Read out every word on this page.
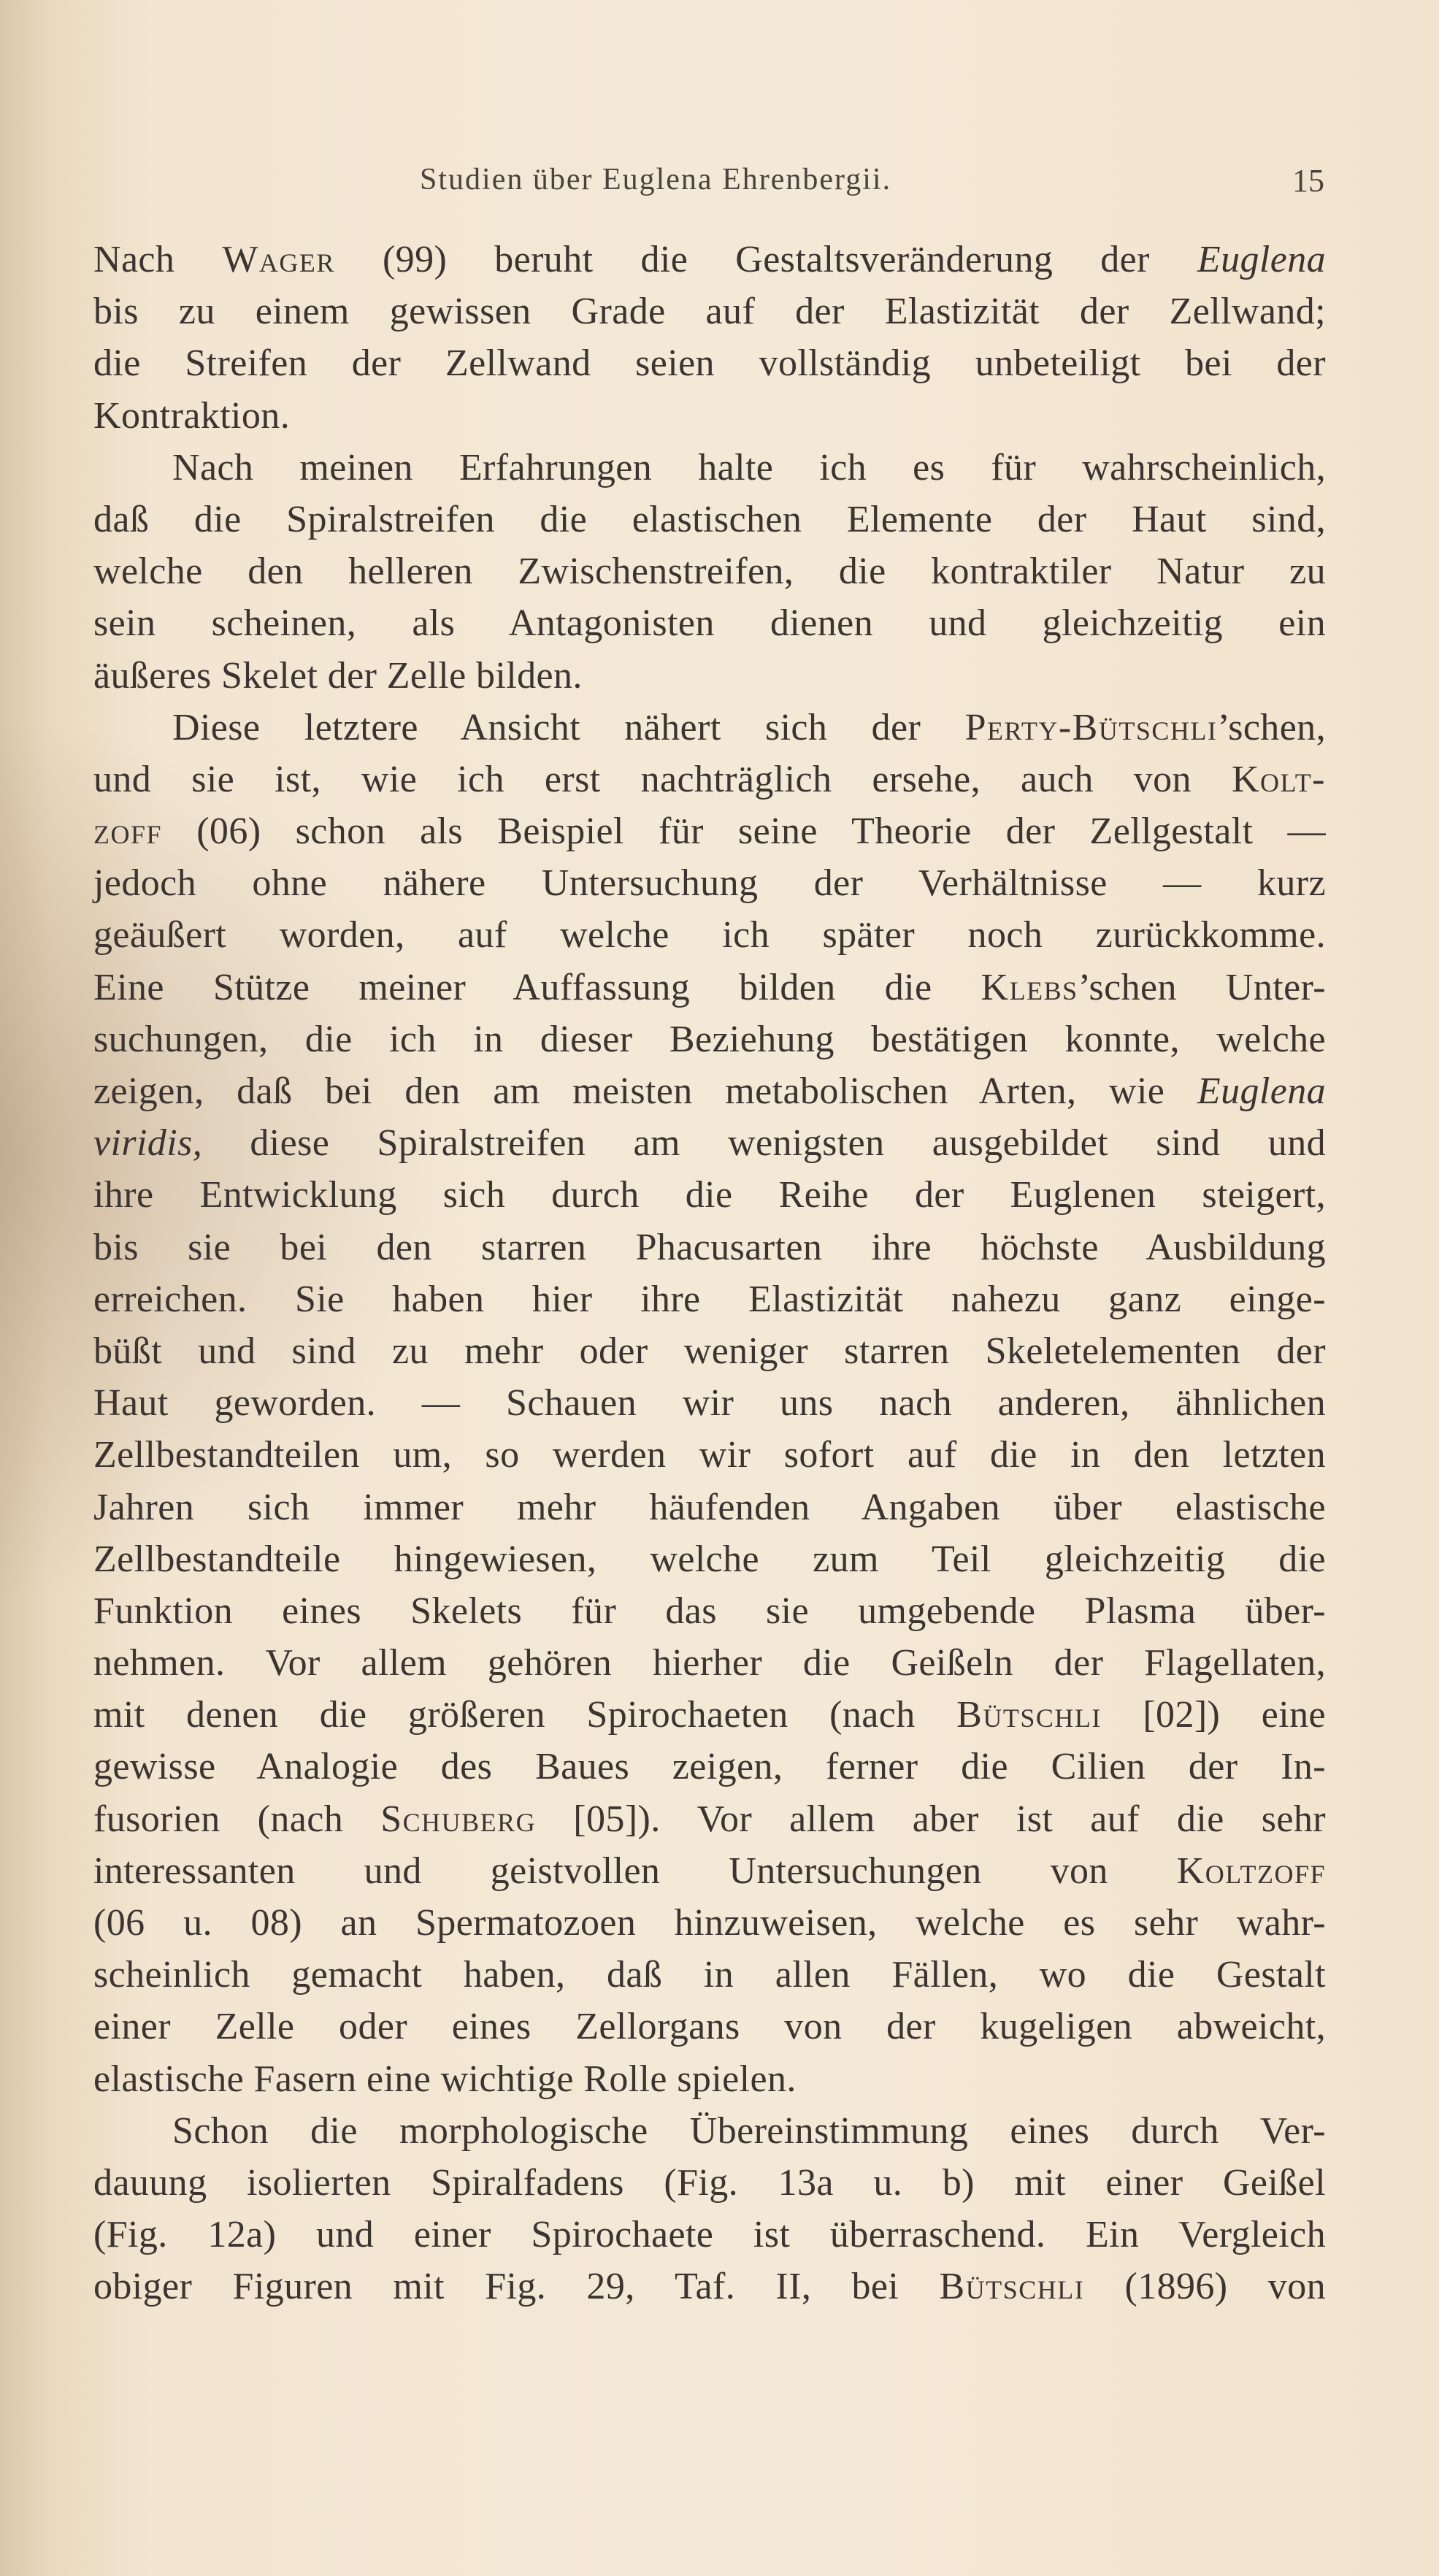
Studien über Euglena Ehrenbergii.	15
Nach Wager (99) beruht die Gestaltsveränderung der Euglena
bis zu einem gewissen Grade auf der Elastizität der Zellwand;
die Streifen der Zellwand seien vollständig unbeteiligt bei der
Kontraktion.
Nach meinen Erfahrungen halte ich es für wahrscheinlich,
daß die Spiralstreifen die elastischen Elemente der Haut sind,
welche den helleren Zwischenstreifen, die kontraktiler Natur zu
sein scheinen, als Antagonisten dienen und gleichzeitig ein
äußeres Skelet der Zelle bilden.
Diese letztere Ansicht nähert sich der Perty-Bütschli’schen,
und sie ist, wie ich erst nachträglich ersehe, auch von Kolt-
zoff (06) schon als Beispiel für seine Theorie der Zellgestalt —
jedoch ohne nähere Untersuchung der Verhältnisse — kurz
geäußert worden, auf welche ich später noch zurückkomme.
Eine Stütze meiner Auffassung bilden die Klebs’schen Unter-
suchungen, die ich in dieser Beziehung bestätigen konnte, welche
zeigen, daß bei den am meisten metabolischen Arten, wie Euglena
viridis, diese Spiralstreifen am wenigsten ausgebildet sind und
ihre Entwicklung sich durch die Reihe der Euglenen steigert,
bis sie bei den starren Phacusarten ihre höchste Ausbildung
erreichen. Sie haben hier ihre Elastizität nahezu ganz einge-
büßt und sind zu mehr oder weniger starren Skeletelementen der
Haut geworden. — Schauen wir uns nach anderen, ähnlichen
Zellbestandteilen um, so werden wir sofort auf die in den letzten
Jahren sich immer mehr häufenden Angaben über elastische
Zellbestandteile hingewiesen, welche zum Teil gleichzeitig die
Funktion eines Skelets für das sie umgebende Plasma über-
nehmen. Vor allem gehören hierher die Geißeln der Flagellaten,
mit denen die größeren Spirochaeten (nach Bütschli [02]) eine
gewisse Analogie des Baues zeigen, ferner die Cilien der In-
fusorien (nach Schuberg [05]). Vor allem aber ist auf die sehr
interessanten und geistvollen Untersuchungen von Koltzoff
(06 u. 08) an Spermatozoen hinzuweisen, welche es sehr wahr-
scheinlich gemacht haben, daß in allen Fällen, wo die Gestalt
einer Zelle oder eines Zellorgans von der kugeligen abweicht,
elastische Fasern eine wichtige Rolle spielen.
Schon die morphologische Übereinstimmung eines durch Ver-
dauung isolierten Spiralfadens (Fig. 13a u. b) mit einer Geißel
(Fig. 12a) und einer Spirochaete ist überraschend. Ein Vergleich
obiger Figuren mit Fig. 29, Taf. II, bei Bütschli (1896) von
